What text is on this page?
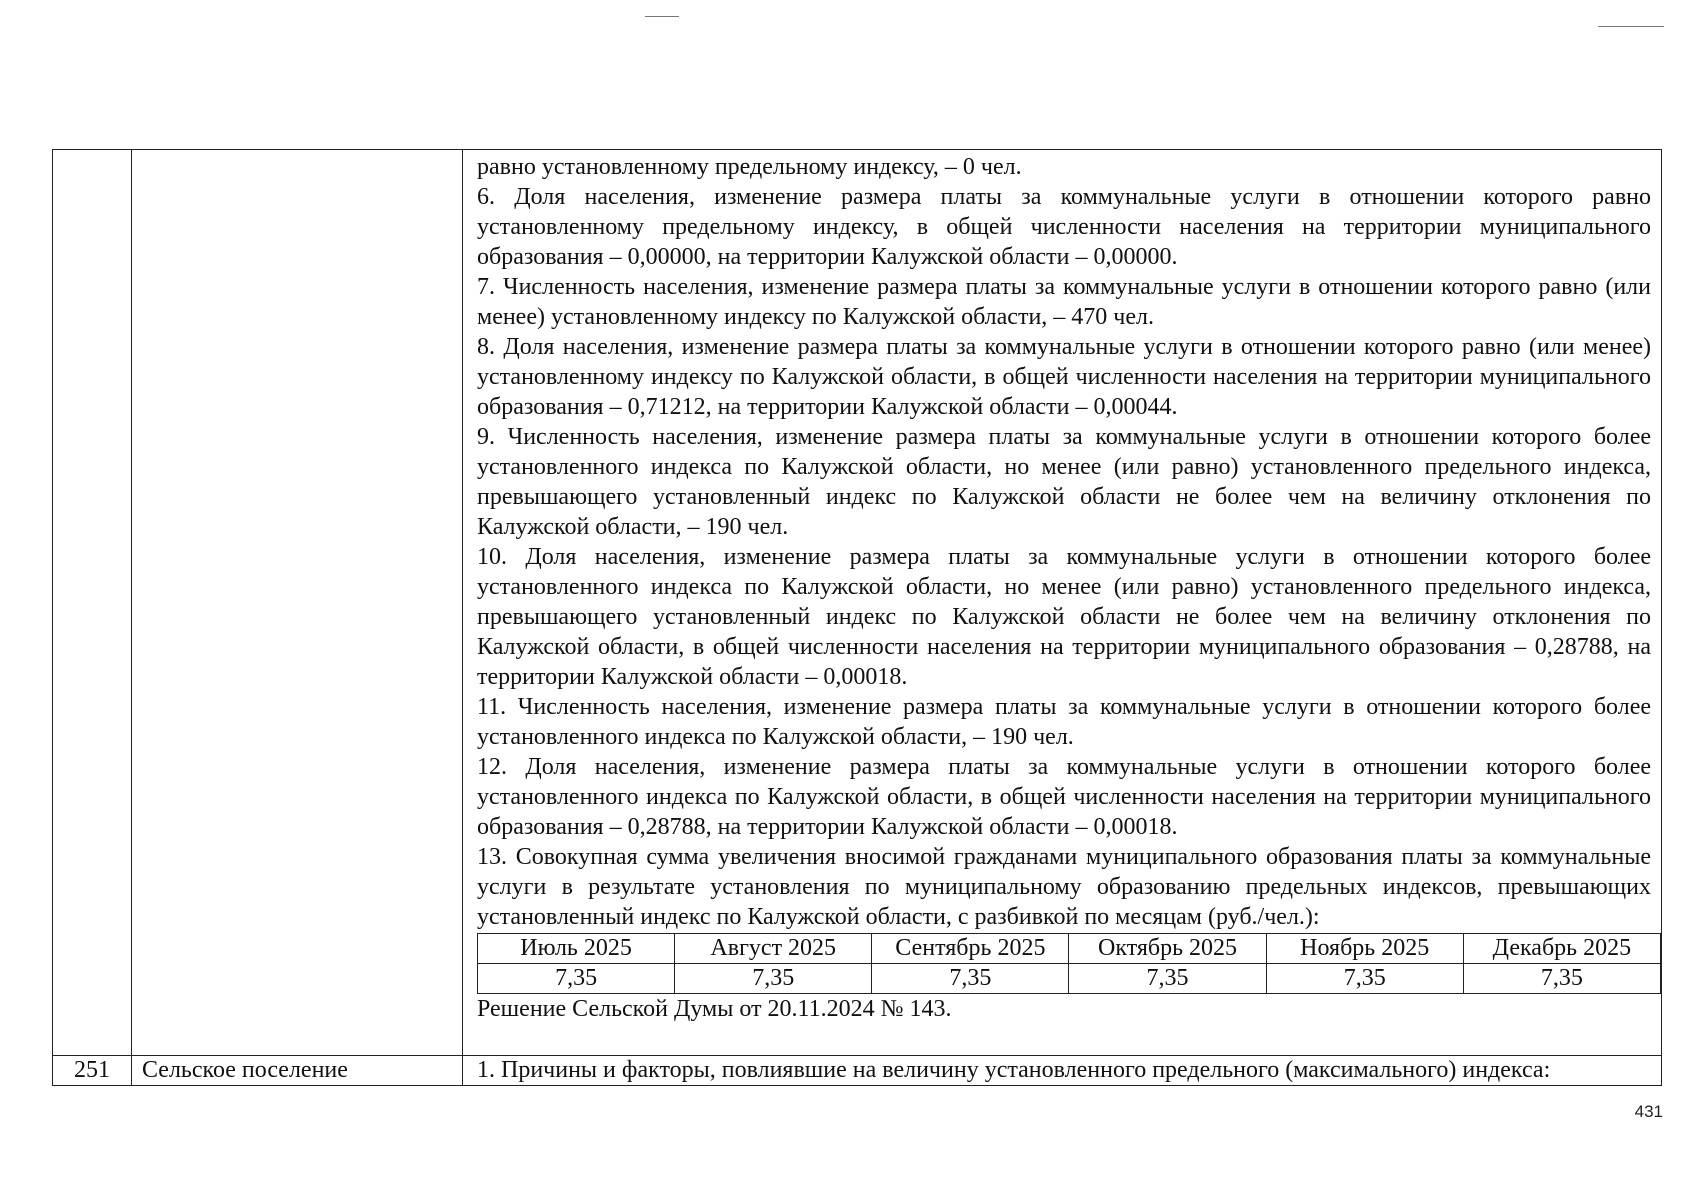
равно установленному предельному индексу, – 0 чел.

6. Доля населения, изменение размера платы за коммунальные услуги в отношении которого равно установленному предельному индексу, в общей численности населения на территории муниципального образования – 0,00000, на территории Калужской области – 0,00000.

7. Численность населения, изменение размера платы за коммунальные услуги в отношении которого равно (или менее) установленному индексу по Калужской области, – 470 чел.

8. Доля населения, изменение размера платы за коммунальные услуги в отношении которого равно (или менее) установленному индексу по Калужской области, в общей численности населения на территории муниципального образования – 0,71212, на территории Калужской области – 0,00044.

9. Численность населения, изменение размера платы за коммунальные услуги в отношении которого более установленного индекса по Калужской области, но менее (или равно) установленного предельного индекса, превышающего установленный индекс по Калужской области не более чем на величину отклонения по Калужской области, – 190 чел.

10. Доля населения, изменение размера платы за коммунальные услуги в отношении которого более установленного индекса по Калужской области, но менее (или равно) установленного предельного индекса, превышающего установленный индекс по Калужской области не более чем на величину отклонения по Калужской области, в общей численности населения на территории муниципального образования – 0,28788, на территории Калужской области – 0,00018.

11. Численность населения, изменение размера платы за коммунальные услуги в отношении которого более установленного индекса по Калужской области, – 190 чел.

12. Доля населения, изменение размера платы за коммунальные услуги в отношении которого более установленного индекса по Калужской области, в общей численности населения на территории муниципального образования – 0,28788, на территории Калужской области – 0,00018.

13. Совокупная сумма увеличения вносимой гражданами муниципального образования платы за коммунальные услуги в результате установления по муниципальному образованию предельных индексов, превышающих установленный индекс по Калужской области, с разбивкой по месяцам (руб./чел.):

Июль 2025	Август 2025	Сентябрь 2025	Октябрь 2025	Ноябрь 2025	Декабрь 2025
7,35	7,35	7,35	7,35	7,35	7,35

Решение Сельской Думы от 20.11.2024 № 143.

251	Сельское поселение	1. Причины и факторы, повлиявшие на величину установленного предельного (максимального) индекса:
431
